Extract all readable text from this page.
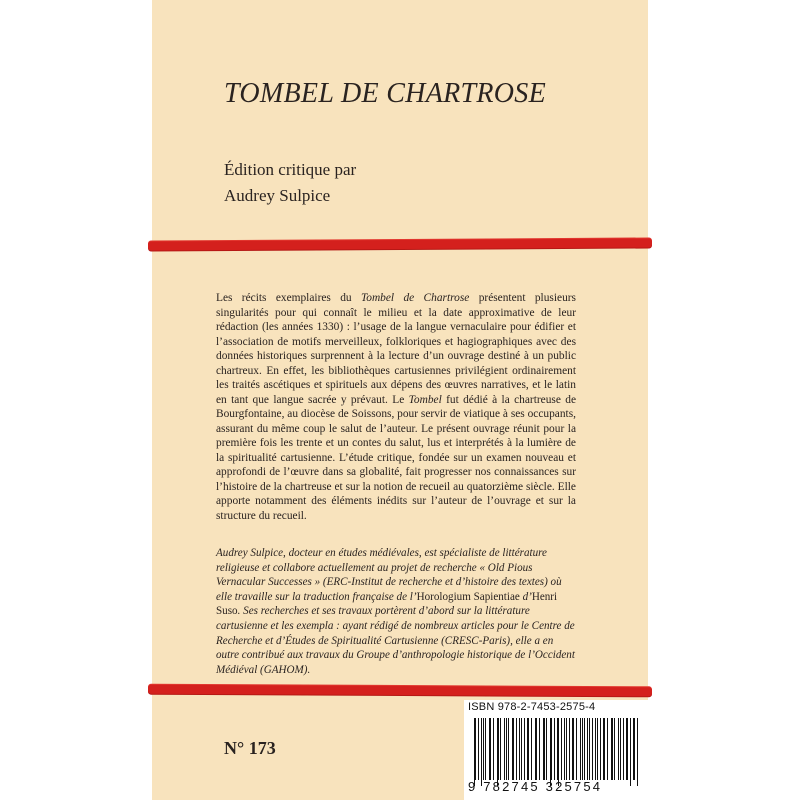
TOMBEL DE CHARTROSE
Édition critique par
Audrey Sulpice

Les récits exemplaires du Tombel de Chartrose présentent plusieurs singularités pour qui connaît le milieu et la date approximative de leur rédaction (les années 1330) : l’usage de la langue vernaculaire pour édifier et l’association de motifs merveilleux, folkloriques et hagiographiques avec des données historiques surprennent à la lecture d’un ouvrage destiné à un public chartreux. En effet, les bibliothèques cartusiennes privilégient ordinairement les traités ascétiques et spirituels aux dépens des œuvres narratives, et le latin en tant que langue sacrée y prévaut. Le Tombel fut dédié à la chartreuse de Bourgfontaine, au diocèse de Soissons, pour servir de viatique à ses occupants, assurant du même coup le salut de l’auteur. Le présent ouvrage réunit pour la première fois les trente et un contes du salut, lus et interprétés à la lumière de la spiritualité cartusienne. L’étude critique, fondée sur un examen nouveau et approfondi de l’œuvre dans sa globalité, fait progresser nos connaissances sur l’histoire de la chartreuse et sur la notion de recueil au quatorzième siècle. Elle apporte notamment des éléments inédits sur l’auteur de l’ouvrage et sur la structure du recueil.

Audrey Sulpice, docteur en études médiévales, est spécialiste de littérature religieuse et collabore actuellement au projet de recherche « Old Pious Vernacular Successes » (ERC-Institut de recherche et d’histoire des textes) où elle travaille sur la traduction française de l’Horologium Sapientiae d’Henri Suso. Ses recherches et ses travaux portèrent d’abord sur la littérature cartusienne et les exempla : ayant rédigé de nombreux articles pour le Centre de Recherche et d’Études de Spiritualité Cartusienne (CRESC-Paris), elle a en outre contribué aux travaux du Groupe d’anthropologie historique de l’Occident Médiéval (GAHOM).

N° 173
ISBN 978-2-7453-2575-4
9 782745 325754
